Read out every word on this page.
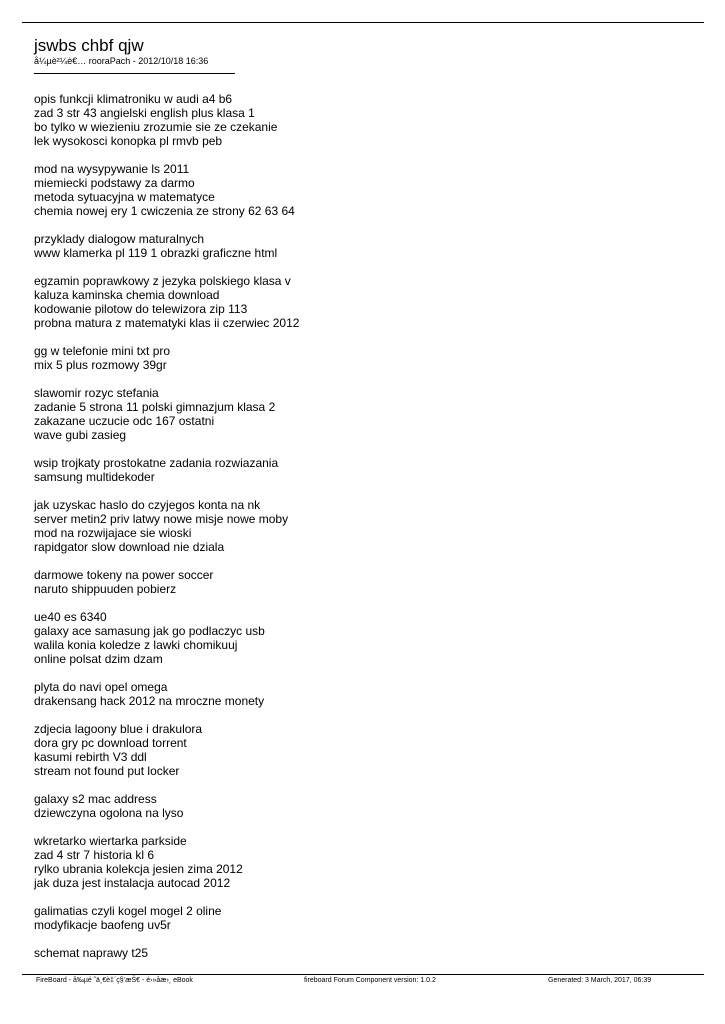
jswbs chbf qjw

å¼µè²¼è€… rooraPach - 2012/10/18 16:36

opis funkcji klimatroniku w audi a4 b6
zad 3 str 43 angielski english plus klasa 1
bo tylko w wiezieniu zrozumie sie ze czekanie
lek wysokosci konopka pl rmvb peb
mod na wysypywanie ls 2011
miemiecki podstawy za darmo
metoda sytuacyjna w matematyce
chemia nowej ery 1 cwiczenia ze strony 62 63 64
przyklady dialogow maturalnych
www klamerka pl 119 1 obrazki graficzne html
egzamin poprawkowy z jezyka polskiego klasa v
kaluza kaminska chemia download
kodowanie pilotow do telewizora zip 113
probna matura z matematyki klas ii czerwiec 2012
gg w telefonie mini txt pro
mix 5 plus rozmowy 39gr
slawomir rozyc stefania
zadanie 5 strona 11 polski gimnazjum klasa 2
zakazane uczucie odc 167 ostatni
wave gubi zasieg
wsip trojkaty prostokatne zadania rozwiazania
samsung multidekoder
jak uzyskac haslo do czyjegos konta na nk
server metin2 priv latwy nowe misje nowe moby
mod na rozwijajace sie wioski
rapidgator slow download nie dziala
darmowe tokeny na power soccer
naruto shippuuden pobierz
ue40 es 6340
galaxy ace samasung jak go podlaczyc usb
walila konia koledze z lawki chomikuuj
online polsat dzim dzam
plyta do navi opel omega
drakensang hack 2012 na mroczne monety
zdjecia lagoony blue i drakulora
dora gry pc download torrent
kasumi rebirth V3 ddl
stream not found put locker
galaxy s2 mac address
dziewczyna ogolona na lyso
wkretarko wiertarka parkside
zad 4 str 7 historia kl 6
rylko ubrania kolekcja jesien zima 2012
jak duza jest instalacja autocad 2012
galimatias czyli kogel mogel 2 oline
modyfikacje baofeng uv5r
schemat naprawy t25
FireBoard - å‰µé ˜ä¸€è‡´ç§‘æŠ€ - é›»åæ›¸ eBook	fireboard Forum Component version: 1.0.2	Generated: 3 March, 2017, 06:39
